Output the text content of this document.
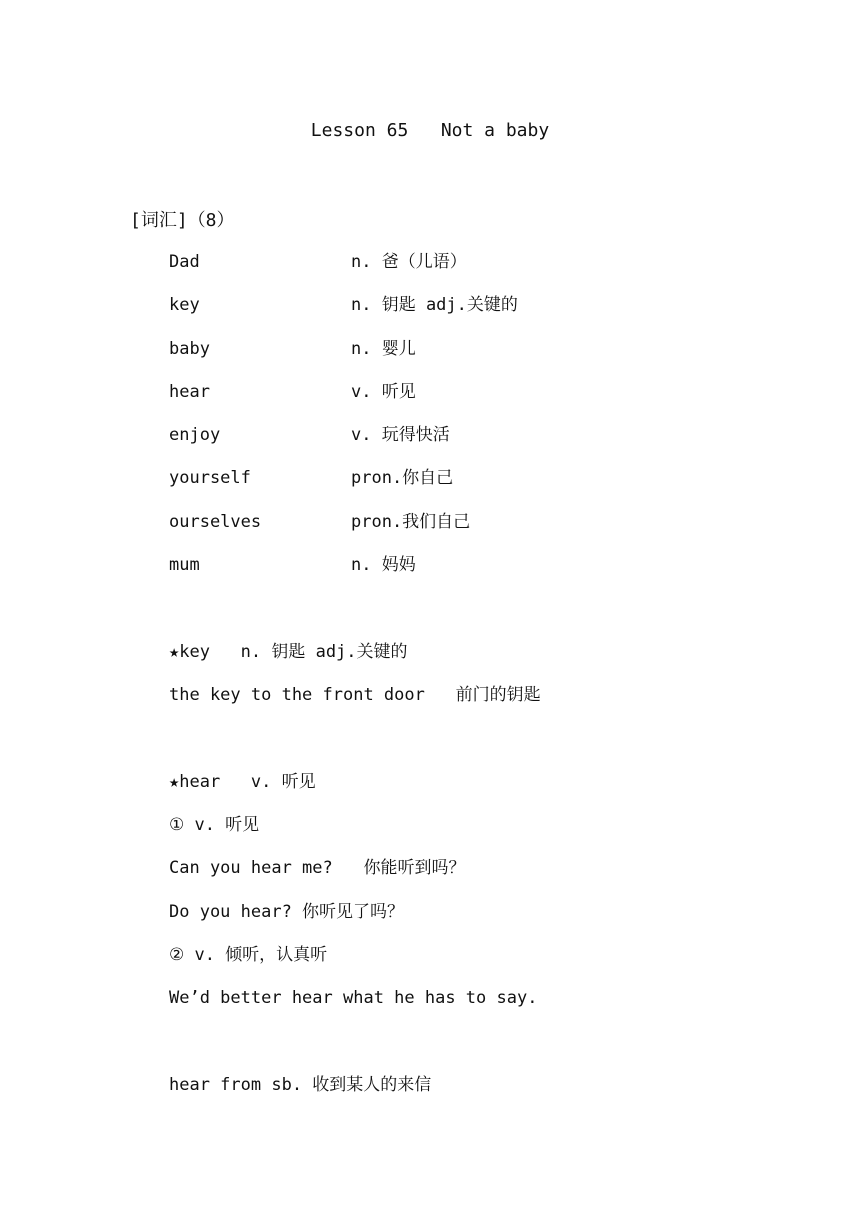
Lesson 65   Not a baby
[词汇]（8）
Dad	n. 爸（儿语）
key	n. 钥匙 adj.关键的
baby	n. 婴儿
hear	v. 听见
enjoy	v. 玩得快活
yourself	pron.你自己
ourselves	pron.我们自己
mum	n. 妈妈
★key   n. 钥匙 adj.关键的
the key to the front door   前门的钥匙
★hear   v. 听见
① v. 听见
Can you hear me?   你能听到吗？
Do you hear? 你听见了吗？
② v. 倾听，认真听
We’d better hear what he has to say.
hear from sb. 收到某人的来信
